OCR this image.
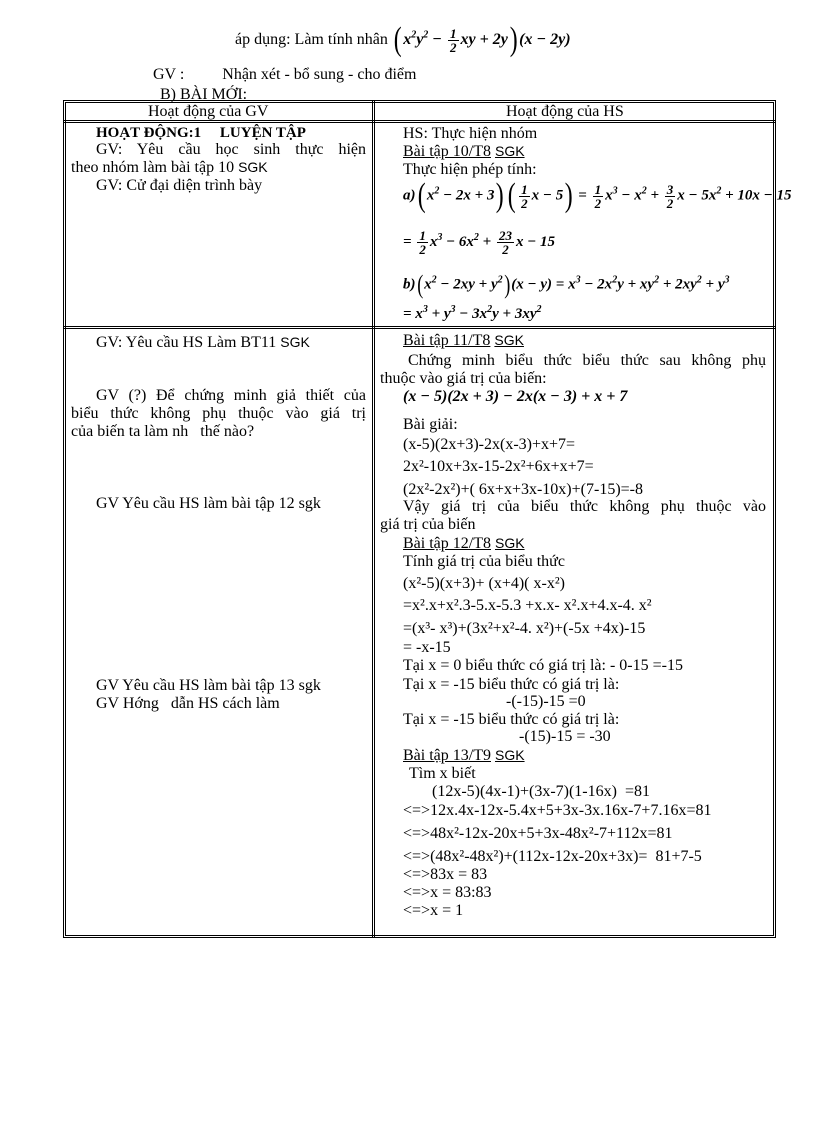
áp dụng: Làm tính nhân ( $x^2y^2 - \frac{1}{2}$ xy + 2y) (x − 2y)
GV : Nhận xét - bổ sung - cho điểm
B) BÀI MỚI:
Hoạt động của GV	Hoạt động của HS
HOẠT ĐỘNG:1     LUYỆN TẬP
GV: Yêu cầu học sinh thực hiện
theo nhóm làm bài tập 10 SGK
GV: Cử đại diện trình bày
HS: Thực hiện nhóm
Bài tập 10/T8 SGK
Thực hiện phép tính:
a)( $x^2 - 2x + 3)( \frac{1}{2}$ $x - 5) = \frac{1}{2} x^3 - x^2 + \frac{3}{2}$ $x - 5x^2 + 10x - 15$
= $\frac{1}{2} x^3 - 6x^2 + \frac{23}{2}$ x − 15
$b)(x^2 - 2xy + y^2)(x - y) = x^3 - 2x^2y + xy^2 + 2xy^2 + y^3$
= $x^3 + y^3 - 3x^2y + 3xy^2$
GV: Yêu cầu HS Làm BT11 SGK
GV (?) Để chứng minh giả thiết của
biểu thức không phụ thuộc vào giá trị
của biến ta làm nh   thế nào?
GV Yêu cầu HS làm bài tập 12 sgk
GV Yêu cầu HS làm bài tập 13 sgk
GV Hớng   dẫn HS cách làm
Bài tập 11/T8 SGK
Chứng minh biểu thức biểu thức sau không phụ
thuộc vào giá trị của biến:
(x − 5)(2x + 3) − 2x(x − 3) + x + 7
Bài giải:
(x-5)(2x+3)-2x(x-3)+x+7=
2x²-10x+3x-15-2x²+6x+x+7=
(2x²-2x²)+( 6x+x+3x-10x)+(7-15)=-8
Vậy giá trị của biểu thức không phụ thuộc vào
giá trị của biến
Bài tập 12/T8 SGK
Tính giá trị của biểu thức
(x²-5)(x+3)+ (x+4)( x-x²)
=x².x+x².3-5.x-5.3 +x.x- x².x+4.x-4. x²
=(x³- x³)+(3x²+x²-4. x²)+(-5x +4x)-15
= -x-15
Tại x = 0 biểu thức có giá trị là: - 0-15 =-15
Tại x = -15 biểu thức có giá trị là:
-(-15)-15 =0
Tại x = -15 biểu thức có giá trị là:
-(15)-15 = -30
Bài tập 13/T9 SGK
Tìm x biết
(12x-5)(4x-1)+(3x-7)(1-16x)  =81
<=>12x.4x-12x-5.4x+5+3x-3x.16x-7+7.16x=81
<=>48x²-12x-20x+5+3x-48x²-7+112x=81
<=>(48x²-48x²)+(112x-12x-20x+3x)=  81+7-5
<=>83x = 83
<=>x = 83:83
<=>x = 1
